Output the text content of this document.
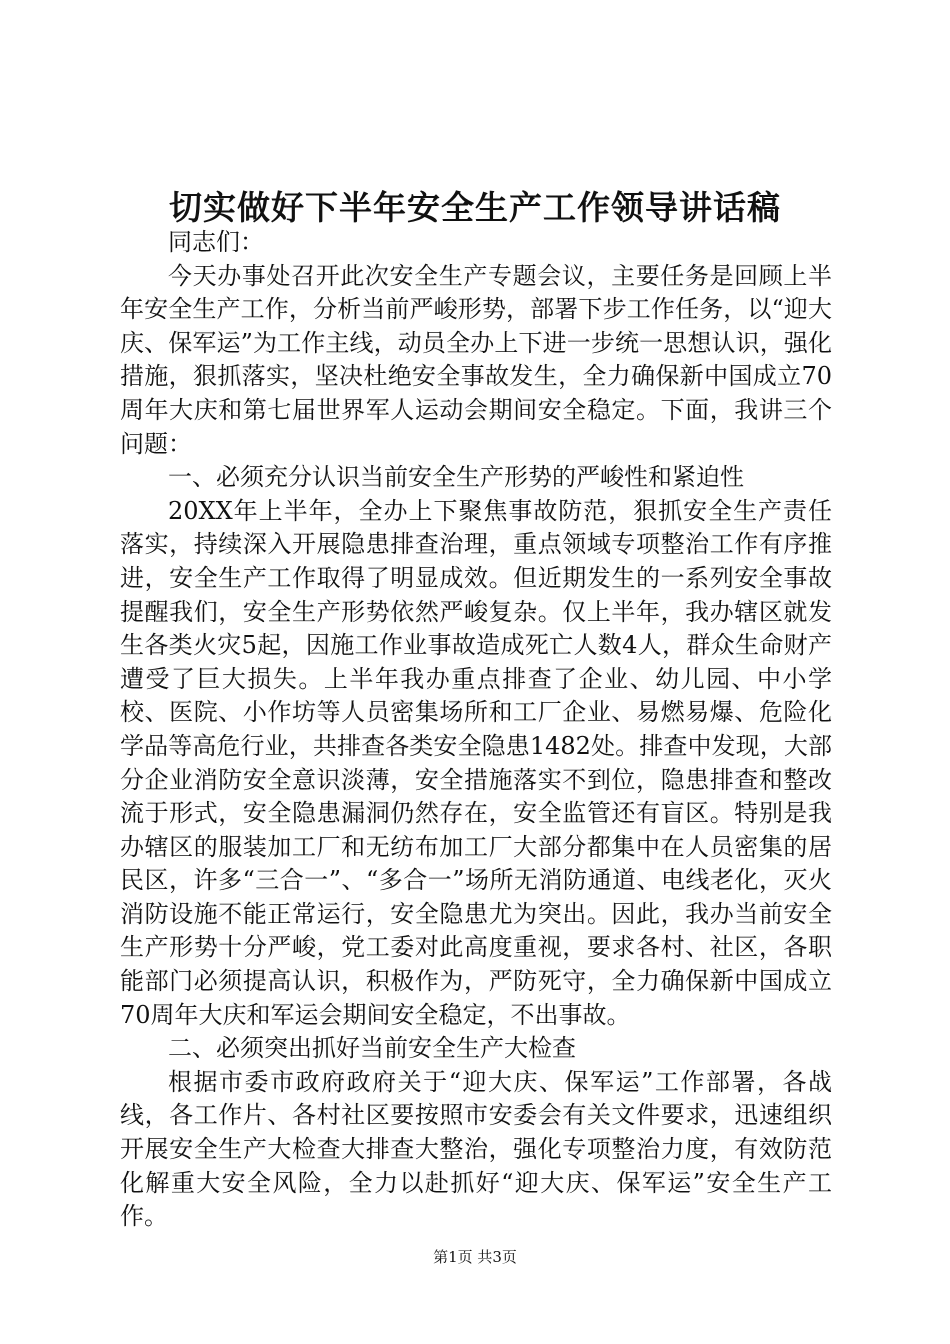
切实做好下半年安全生产工作领导讲话稿

同志们：

今天办事处召开此次安全生产专题会议，主要任务是回顾上半年安全生产工作，分析当前严峻形势，部署下步工作任务，以“迎大庆、保军运”为工作主线，动员全办上下进一步统一思想认识，强化措施，狠抓落实，坚决杜绝安全事故发生，全力确保新中国成立70周年大庆和第七届世界军人运动会期间安全稳定。下面，我讲三个问题：

一、必须充分认识当前安全生产形势的严峻性和紧迫性

20XX年上半年，全办上下聚焦事故防范，狠抓安全生产责任落实，持续深入开展隐患排查治理，重点领域专项整治工作有序推进，安全生产工作取得了明显成效。但近期发生的一系列安全事故提醒我们，安全生产形势依然严峻复杂。仅上半年，我办辖区就发生各类火灾5起，因施工作业事故造成死亡人数4人，群众生命财产遭受了巨大损失。上半年我办重点排查了企业、幼儿园、中小学校、医院、小作坊等人员密集场所和工厂企业、易燃易爆、危险化学品等高危行业，共排查各类安全隐患1482处。排查中发现，大部分企业消防安全意识淡薄，安全措施落实不到位，隐患排查和整改流于形式，安全隐患漏洞仍然存在，安全监管还有盲区。特别是我办辖区的服装加工厂和无纺布加工厂大部分都集中在人员密集的居民区，许多“三合一”、“多合一”场所无消防通道、电线老化，灭火消防设施不能正常运行，安全隐患尤为突出。因此，我办当前安全生产形势十分严峻，党工委对此高度重视，要求各村、社区，各职能部门必须提高认识，积极作为，严防死守，全力确保新中国成立70周年大庆和军运会期间安全稳定，不出事故。

二、必须突出抓好当前安全生产大检查

根据市委市政府政府关于“迎大庆、保军运”工作部署，各战线，各工作片、各村社区要按照市安委会有关文件要求，迅速组织开展安全生产大检查大排查大整治，强化专项整治力度，有效防范化解重大安全风险，全力以赴抓好“迎大庆、保军运”安全生产工作。

第1页 共3页
